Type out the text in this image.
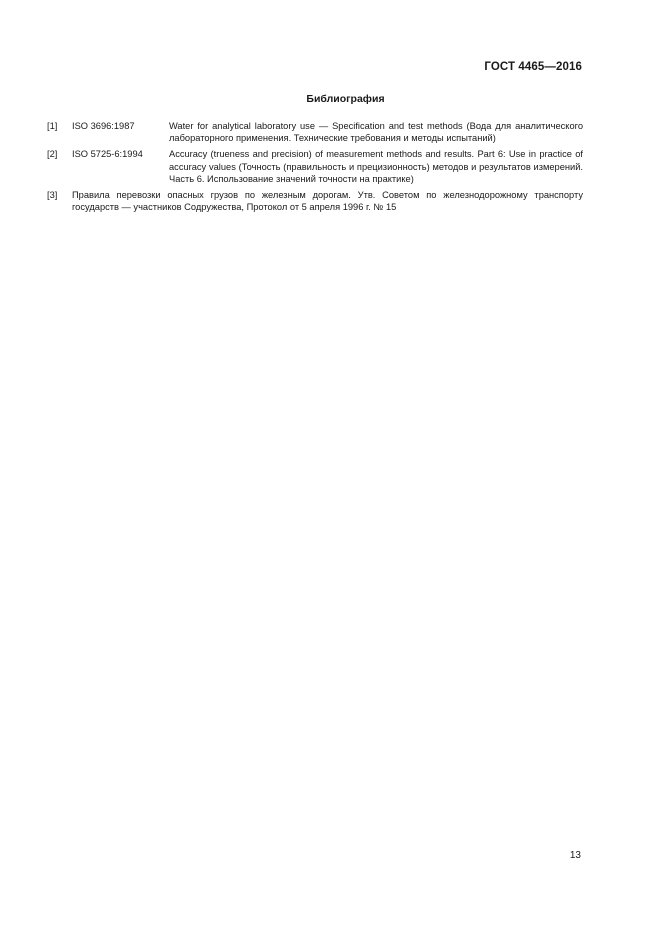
ГОСТ 4465—2016
Библиография
[1]	ISO 3696:1987	Water for analytical laboratory use — Specification and test methods (Вода для аналитического лабораторного применения. Технические требования и методы испытаний)
[2]	ISO 5725-6:1994	Accuracy (trueness and precision) of measurement methods and results. Part 6: Use in practice of accuracy values (Точность (правильность и прецизионность) методов и результатов измерений. Часть 6. Использование значений точности на практике)
[3]	Правила перевозки опасных грузов по железным дорогам. Утв. Советом по железнодорожному транспорту государств — участников Содружества, Протокол от 5 апреля 1996 г. № 15
13
